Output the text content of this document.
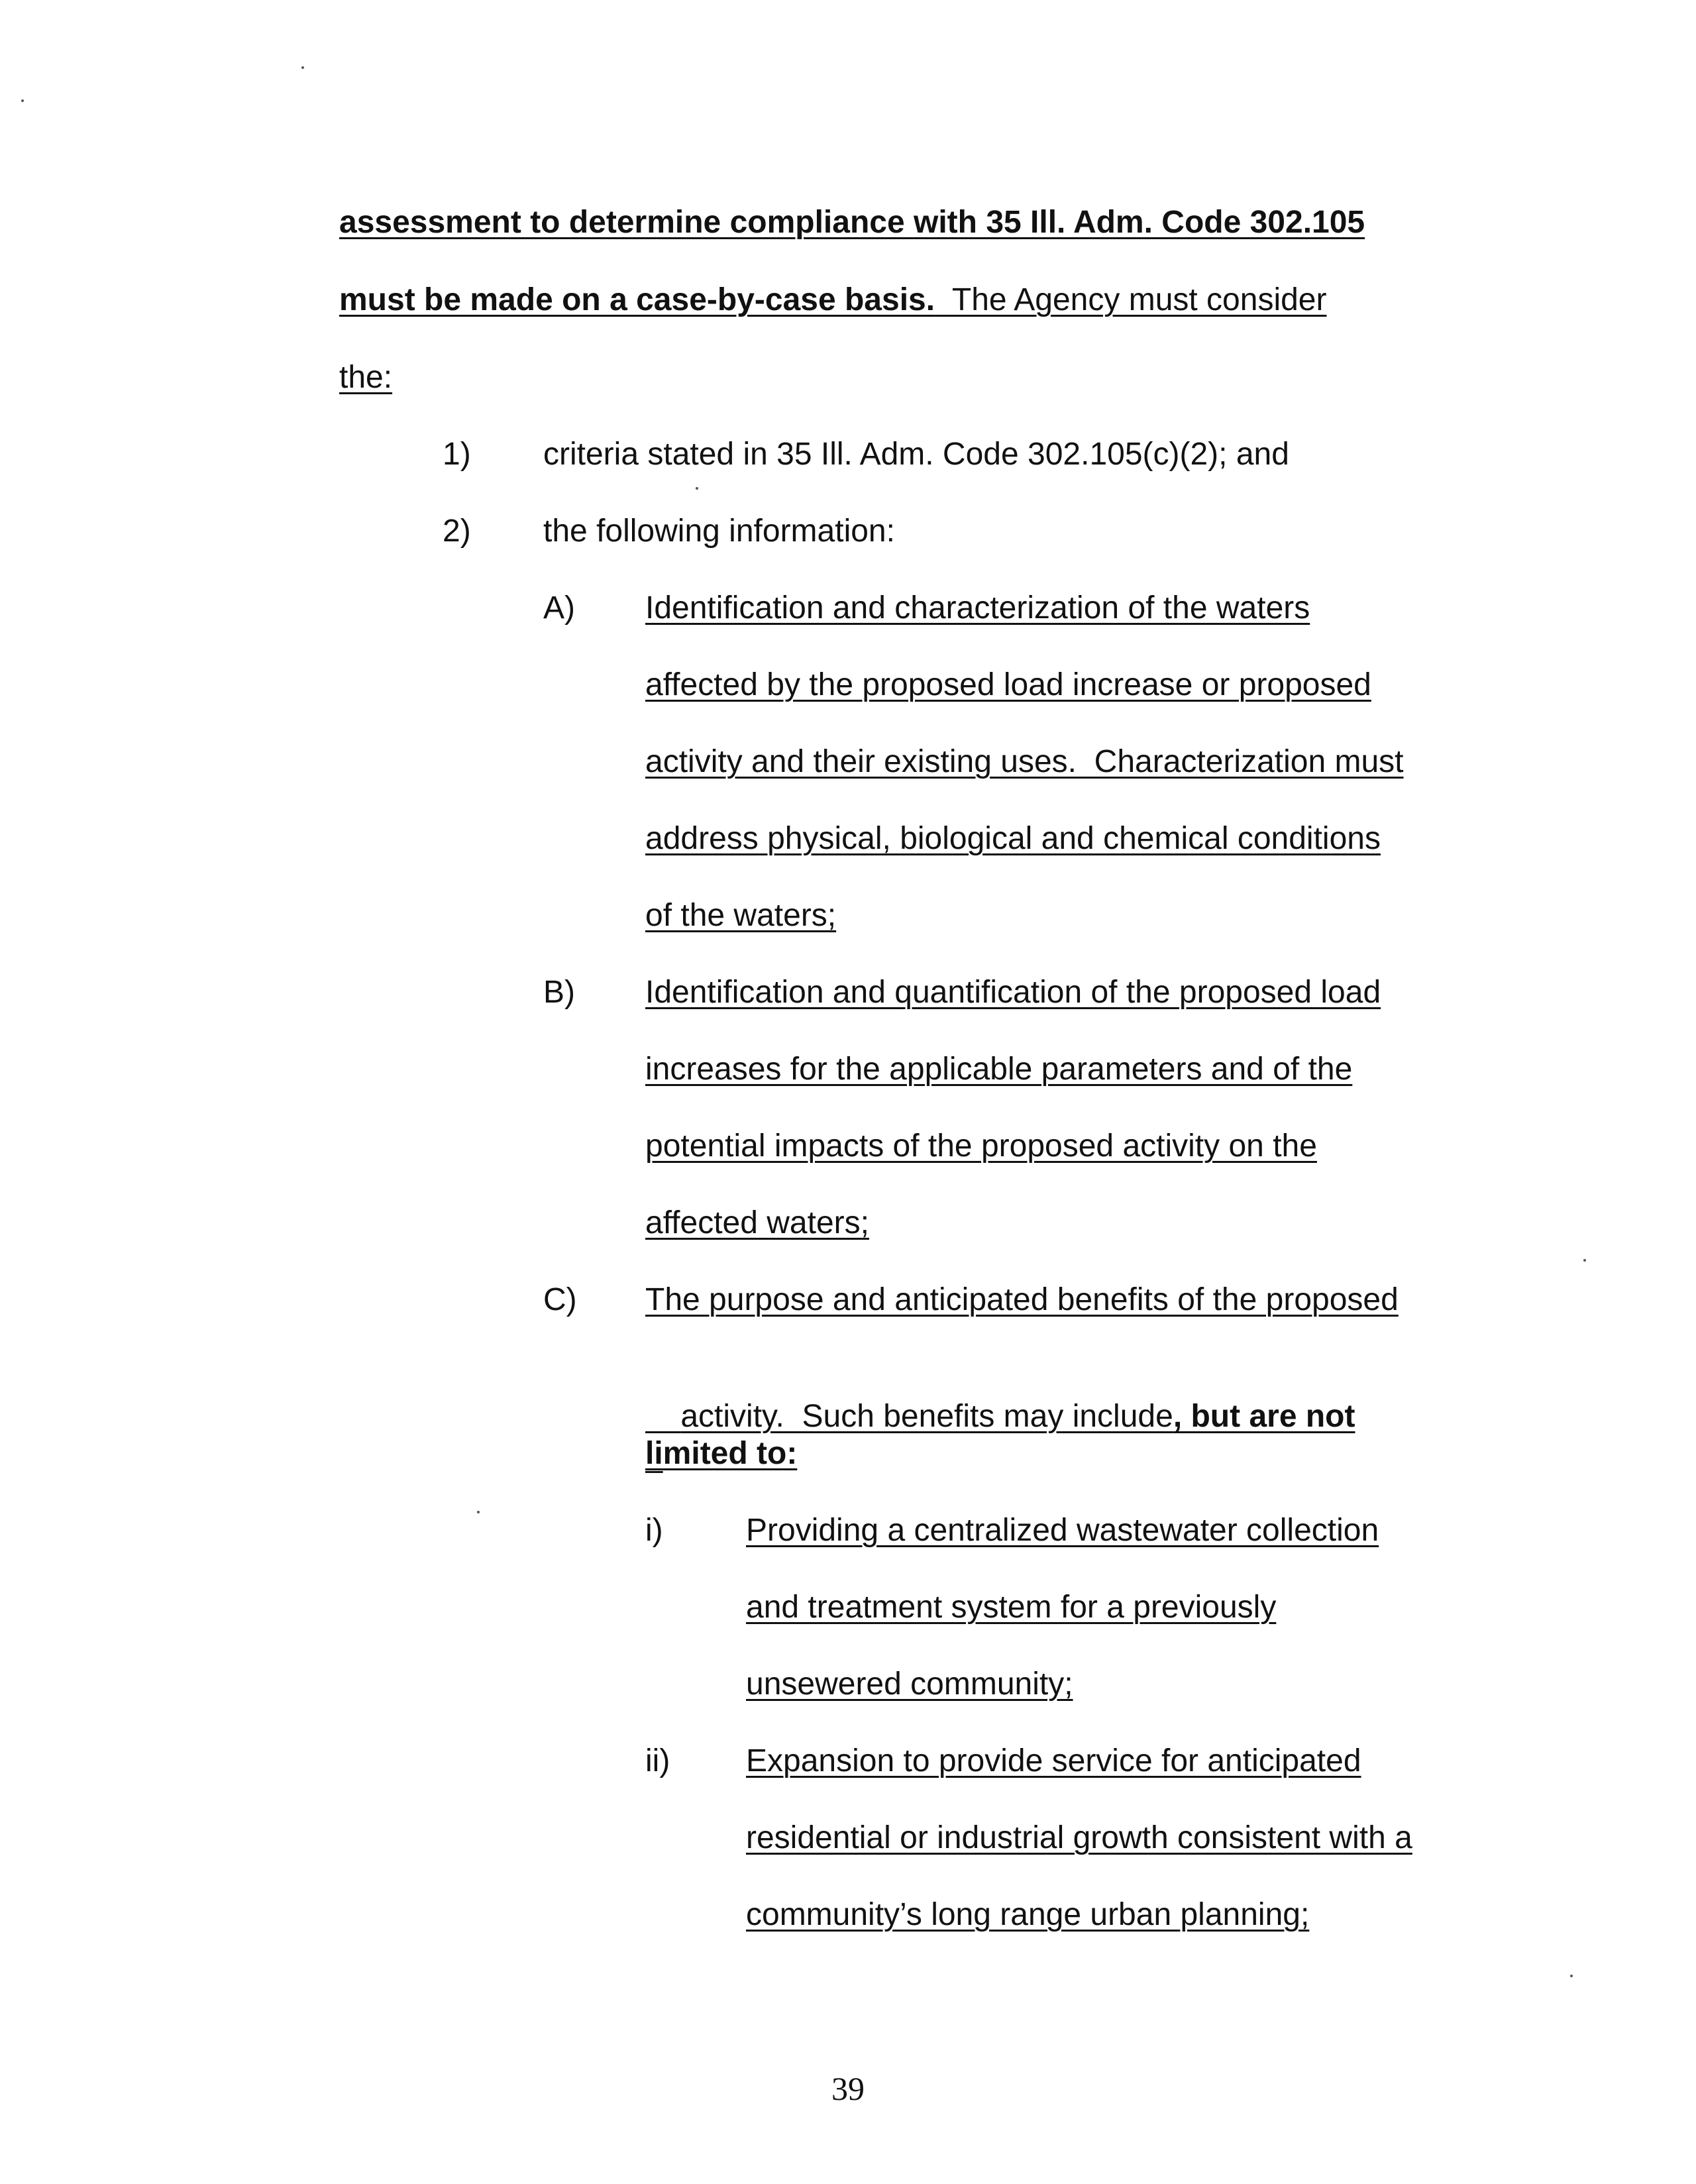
assessment to determine compliance with 35 Ill. Adm. Code 302.105
must be made on a case-by-case basis.  The Agency must consider
the:
1) criteria stated in 35 Ill. Adm. Code 302.105(c)(2); and
2) the following information:
A) Identification and characterization of the waters
affected by the proposed load increase or proposed
activity and their existing uses.  Characterization must
address physical, biological and chemical conditions
of the waters;
B) Identification and quantification of the proposed load
increases for the applicable parameters and of the
potential impacts of the proposed activity on the
affected waters;
C) The purpose and anticipated benefits of the proposed

activity.  Such benefits may include, but are not

limited to:
i)	Providing a centralized wastewater collection
and treatment system for a previously
unsewered community;
ii) Expansion to provide service for anticipated
residential or industrial growth consistent with a
community’s long range urban planning;
39
